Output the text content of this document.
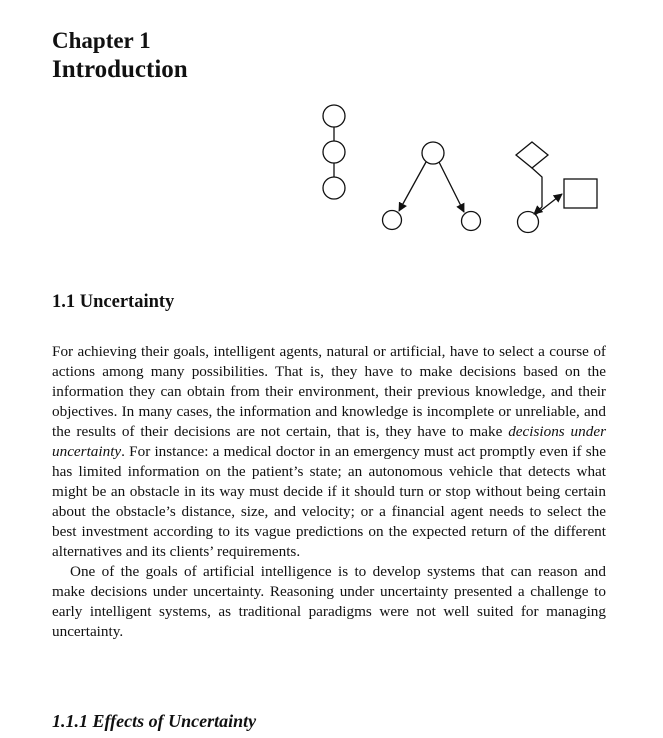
Chapter 1
Introduction
1.1 Uncertainty

For achieving their goals, intelligent agents, natural or artificial, have to select a course of actions among many possibilities. That is, they have to make decisions based on the information they can obtain from their environment, their previous knowledge, and their objectives. In many cases, the information and knowledge is incomplete or unreliable, and the results of their decisions are not certain, that is, they have to make decisions under uncertainty. For instance: a medical doctor in an emergency must act promptly even if she has limited information on the patient’s state; an autonomous vehicle that detects what might be an obstacle in its way must decide if it should turn or stop without being certain about the obstacle’s distance, size, and velocity; or a financial agent needs to select the best investment according to its vague predictions on the expected return of the different alternatives and its clients’ requirements.

One of the goals of artificial intelligence is to develop systems that can reason and make decisions under uncertainty. Reasoning under uncertainty presented a challenge to early intelligent systems, as traditional paradigms were not well suited for managing uncertainty.

1.1.1 Effects of Uncertainty
